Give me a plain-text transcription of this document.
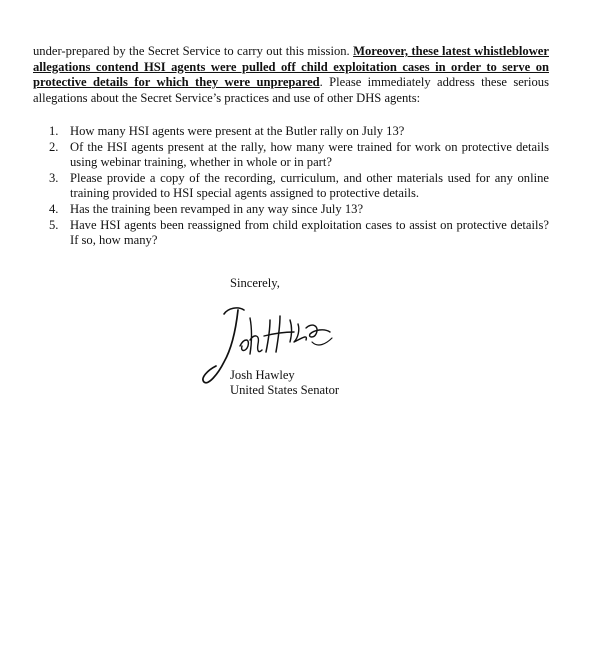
under-prepared by the Secret Service to carry out this mission. Moreover, these latest whistleblower allegations contend HSI agents were pulled off child exploitation cases in order to serve on protective details for which they were unprepared. Please immediately address these serious allegations about the Secret Service’s practices and use of other DHS agents:

1. How many HSI agents were present at the Butler rally on July 13?
2. Of the HSI agents present at the rally, how many were trained for work on protective details using webinar training, whether in whole or in part?
3. Please provide a copy of the recording, curriculum, and other materials used for any online training provided to HSI special agents assigned to protective details.
4. Has the training been revamped in any way since July 13?
5. Have HSI agents been reassigned from child exploitation cases to assist on protective details? If so, how many?
Sincerely,
Josh Hawley
United States Senator
